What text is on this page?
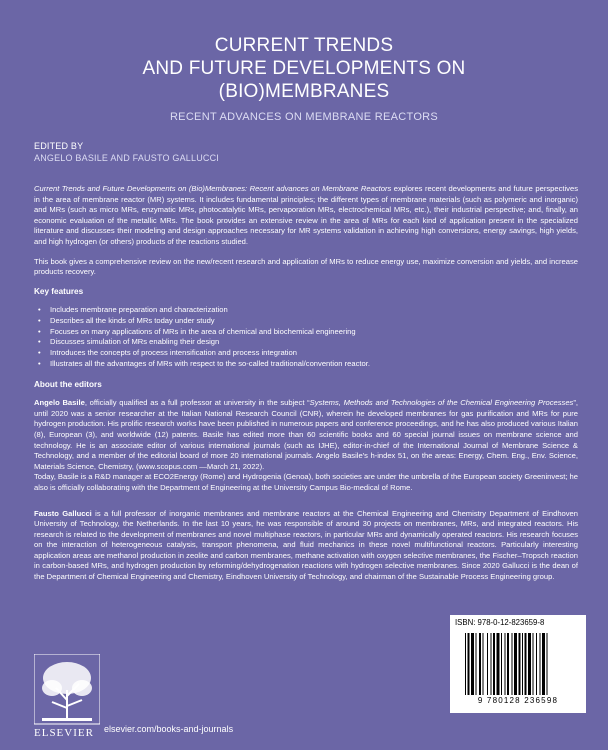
CURRENT TRENDS
AND FUTURE DEVELOPMENTS ON
(BIO)MEMBRANES
RECENT ADVANCES ON MEMBRANE REACTORS
EDITED BY
ANGELO BASILE AND FAUSTO GALLUCCI

Current Trends and Future Developments on (Bio)Membranes: Recent advances on Membrane Reactors explores recent developments and future perspectives in the area of membrane reactor (MR) systems. It includes fundamental principles; the different types of membrane materials (such as polymeric and inorganic) and MRs (such as micro MRs, enzymatic MRs, photocatalytic MRs, pervaporation MRs, electrochemical MRs, etc.), their industrial perspective; and, finally, an economic evaluation of the metallic MRs. The book provides an extensive review in the area of MRs for each kind of application present in the specialized literature and discusses their modeling and design approaches necessary for MR systems validation in achieving high conversions, energy savings, high yields, and high hydrogen (or others) products of the reactions studied.

This book gives a comprehensive review on the new/recent research and application of MRs to reduce energy use, maximize conversion and yields, and increase products recovery.

Key features
• Includes membrane preparation and characterization
• Describes all the kinds of MRs today under study
• Focuses on many applications of MRs in the area of chemical and biochemical engineering
• Discusses simulation of MRs enabling their design
• Introduces the concepts of process intensification and process integration
• Illustrates all the advantages of MRs with respect to the so-called traditional/convention reactor.
About the editors

Angelo Basile, officially qualified as a full professor at university in the subject “Systems, Methods and Technologies of the Chemical Engineering Processes”, until 2020 was a senior researcher at the Italian National Research Council (CNR), wherein he developed membranes for gas purification and MRs for pure hydrogen production. His prolific research works have been published in numerous papers and conference proceedings, and he has also produced various Italian (8), European (3), and worldwide (12) patents. Basile has edited more than 60 scientific books and 60 special journal issues on membrane science and technology. He is an associate editor of various international journals (such as IJHE), editor-in-chief of the International Journal of Membrane Science & Technology, and a member of the editorial board of more 20 international journals. Angelo Basile's h-index 51, on the areas: Energy, Chem. Eng., Env. Science, Materials Science, Chemistry, (www.scopus.com —March 21, 2022).

Today, Basile is a R&D manager at ECO2Energy (Rome) and Hydrogenia (Genoa), both societies are under the umbrella of the European society Greeninvest; he also is officially collaborating with the Department of Engineering at the University Campus Bio-medical of Rome.

Fausto Gallucci is a full professor of inorganic membranes and membrane reactors at the Chemical Engineering and Chemistry Department of Eindhoven University of Technology, the Netherlands. In the last 10 years, he was responsible of around 30 projects on membranes, MRs, and integrated reactors. His research is related to the development of membranes and novel multiphase reactors, in particular MRs and dynamically operated reactors. His research focuses on the interaction of heterogeneous catalysis, transport phenomena, and fluid mechanics in these novel multifunctional reactors. Particularly interesting application areas are methanol production in zeolite and carbon membranes, methane activation with oxygen selective membranes, the Fischer–Tropsch reaction in carbon-based MRs, and hydrogen production by reforming/dehydrogenation reactions with hydrogen selective membranes. Since 2020 Gallucci is the dean of the Department of Chemical Engineering and Chemistry, Eindhoven University of Technology, and chairman of the Sustainable Process Engineering group.

ELSEVIER elsevier.com/books-and-journals
ISBN: 978-0-12-823659-8
9 780128 236598
